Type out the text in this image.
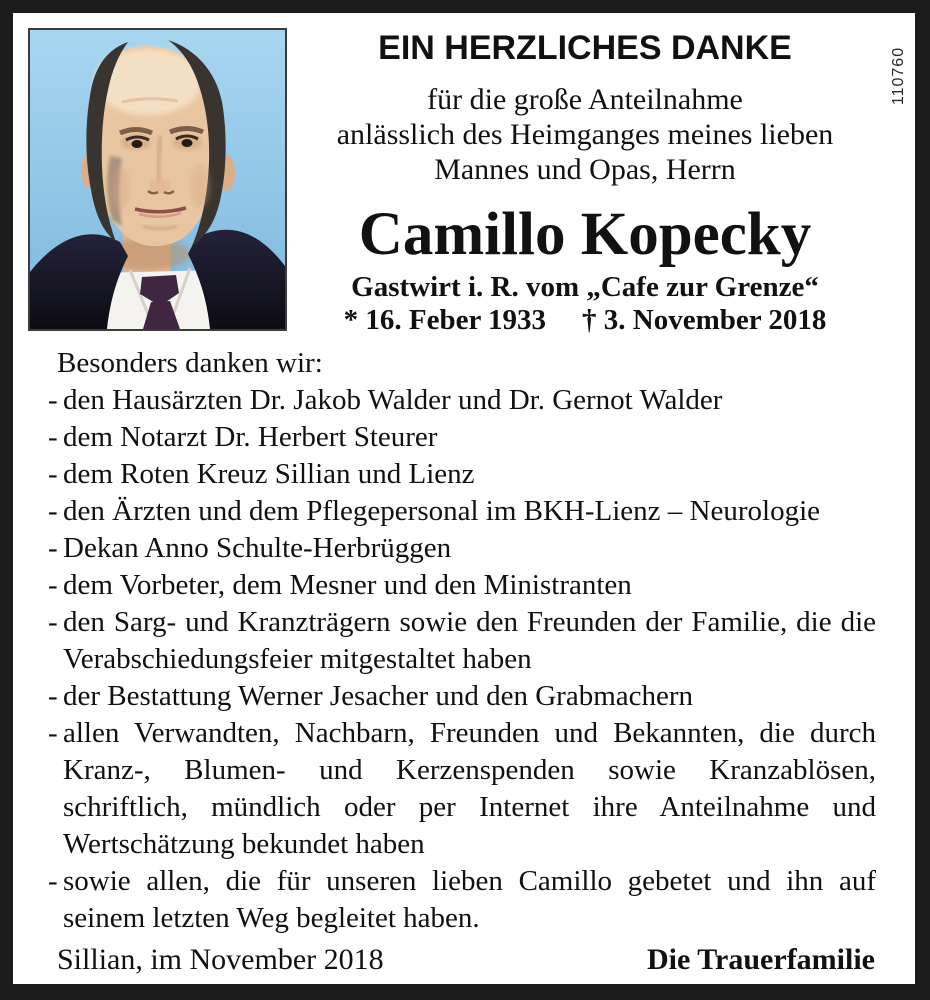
110760
EIN HERZLICHES DANKE
für die große Anteilnahme
anlässlich des Heimganges meines lieben
Mannes und Opas, Herrn
Camillo Kopecky
Gastwirt i. R. vom „Cafe zur Grenze“
* 16. Feber 1933 † 3. November 2018

Besonders danken wir:

- den Hausärzten Dr. Jakob Walder und Dr. Gernot Walder
- dem Notarzt Dr. Herbert Steurer
- dem Roten Kreuz Sillian und Lienz
- den Ärzten und dem Pflegepersonal im BKH-Lienz – Neurologie
- Dekan Anno Schulte-Herbrüggen
- dem Vorbeter, dem Mesner und den Ministranten
- den Sarg- und Kranzträgern sowie den Freunden der Familie, die die Verabschiedungsfeier mitgestaltet haben
- der Bestattung Werner Jesacher und den Grabmachern
- allen Verwandten, Nachbarn, Freunden und Bekannten, die durch Kranz-, Blumen- und Kerzenspenden sowie Kranzablösen, schriftlich, mündlich oder per Internet ihre Anteilnahme und Wertschätzung bekundet haben
- sowie allen, die für unseren lieben Camillo gebetet und ihn auf seinem letzten Weg begleitet haben.
Sillian, im November 2018	Die Trauerfamilie
